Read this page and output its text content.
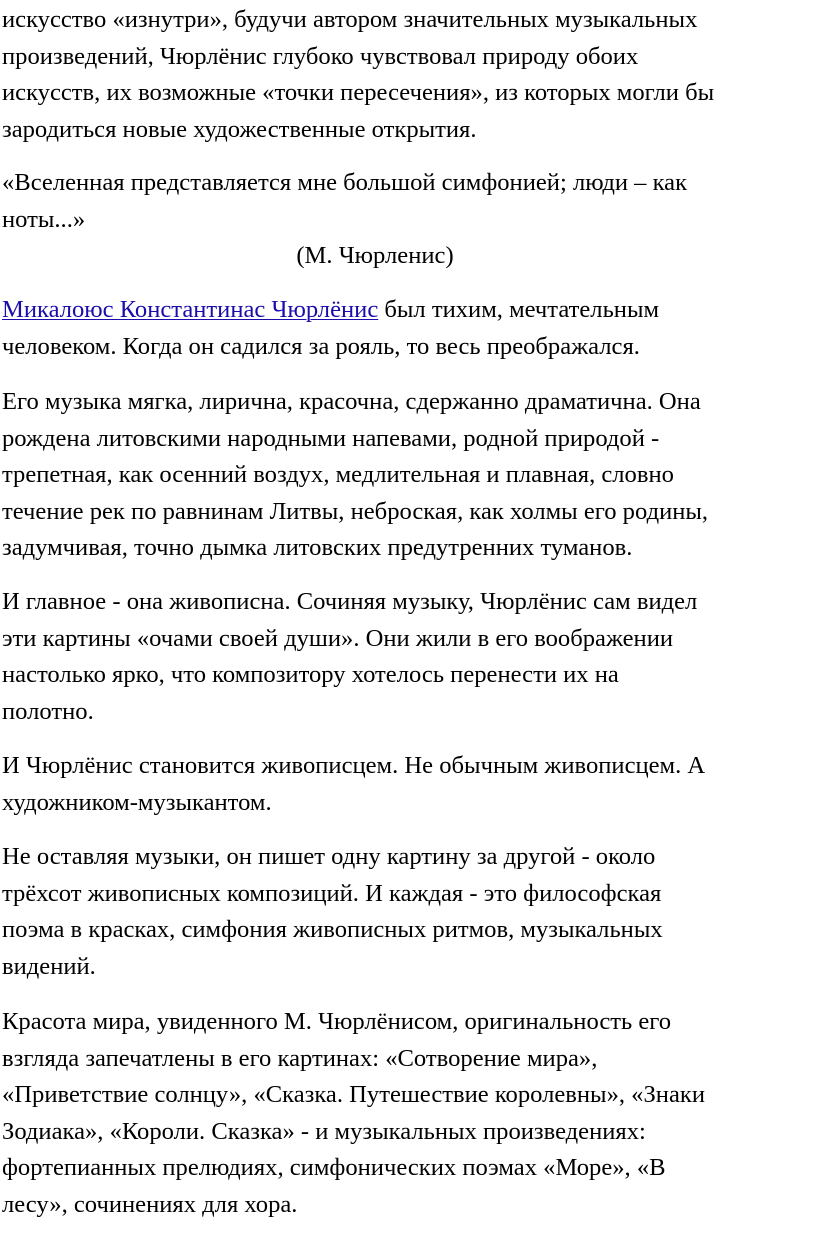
искусство «изнутри», будучи автором значительных музыкальных
произведений, Чюрлёнис глубоко чувствовал природу обоих
искусств, их возможные «точки пересечения», из которых могли бы
зародиться новые художественные открытия.

«Вселенная представляется мне большой симфонией; люди – как
ноты...»

(М. Чюрленис)

Микалоюс Константинас Чюрлёнис был тихим, мечтательным
человеком. Когда он садился за рояль, то весь преображался.

Его музыка мягка, лирична, красочна, сдержанно драматична. Она
рождена литовскими народными напевами, родной природой -
трепетная, как осенний воздух, медлительная и плавная, словно
течение рек по равнинам Литвы, неброская, как холмы его родины,
задумчивая, точно дымка литовских предутренних туманов.

И главное - она живописна. Сочиняя музыку, Чюрлёнис сам видел
эти картины «очами своей души». Они жили в его воображении
настолько ярко, что композитору хотелось перенести их на
полотно.

И Чюрлёнис становится живописцем. Не обычным живописцем. А
художником-музыкантом.

Не оставляя музыки, он пишет одну картину за другой - около
трёхсот живописных композиций. И каждая - это философская
поэма в красках, симфония живописных ритмов, музыкальных
видений.

Красота мира, увиденного М. Чюрлёнисом, оригинальность его
взгляда запечатлены в его картинах: «Сотворение мира»,
«Приветствие солнцу», «Сказка. Путешествие королевны», «Знаки
Зодиака», «Короли. Сказка» - и музыкальных произведениях:
фортепианных прелюдиях, симфонических поэмах «Море», «В
лесу», сочинениях для хора.
